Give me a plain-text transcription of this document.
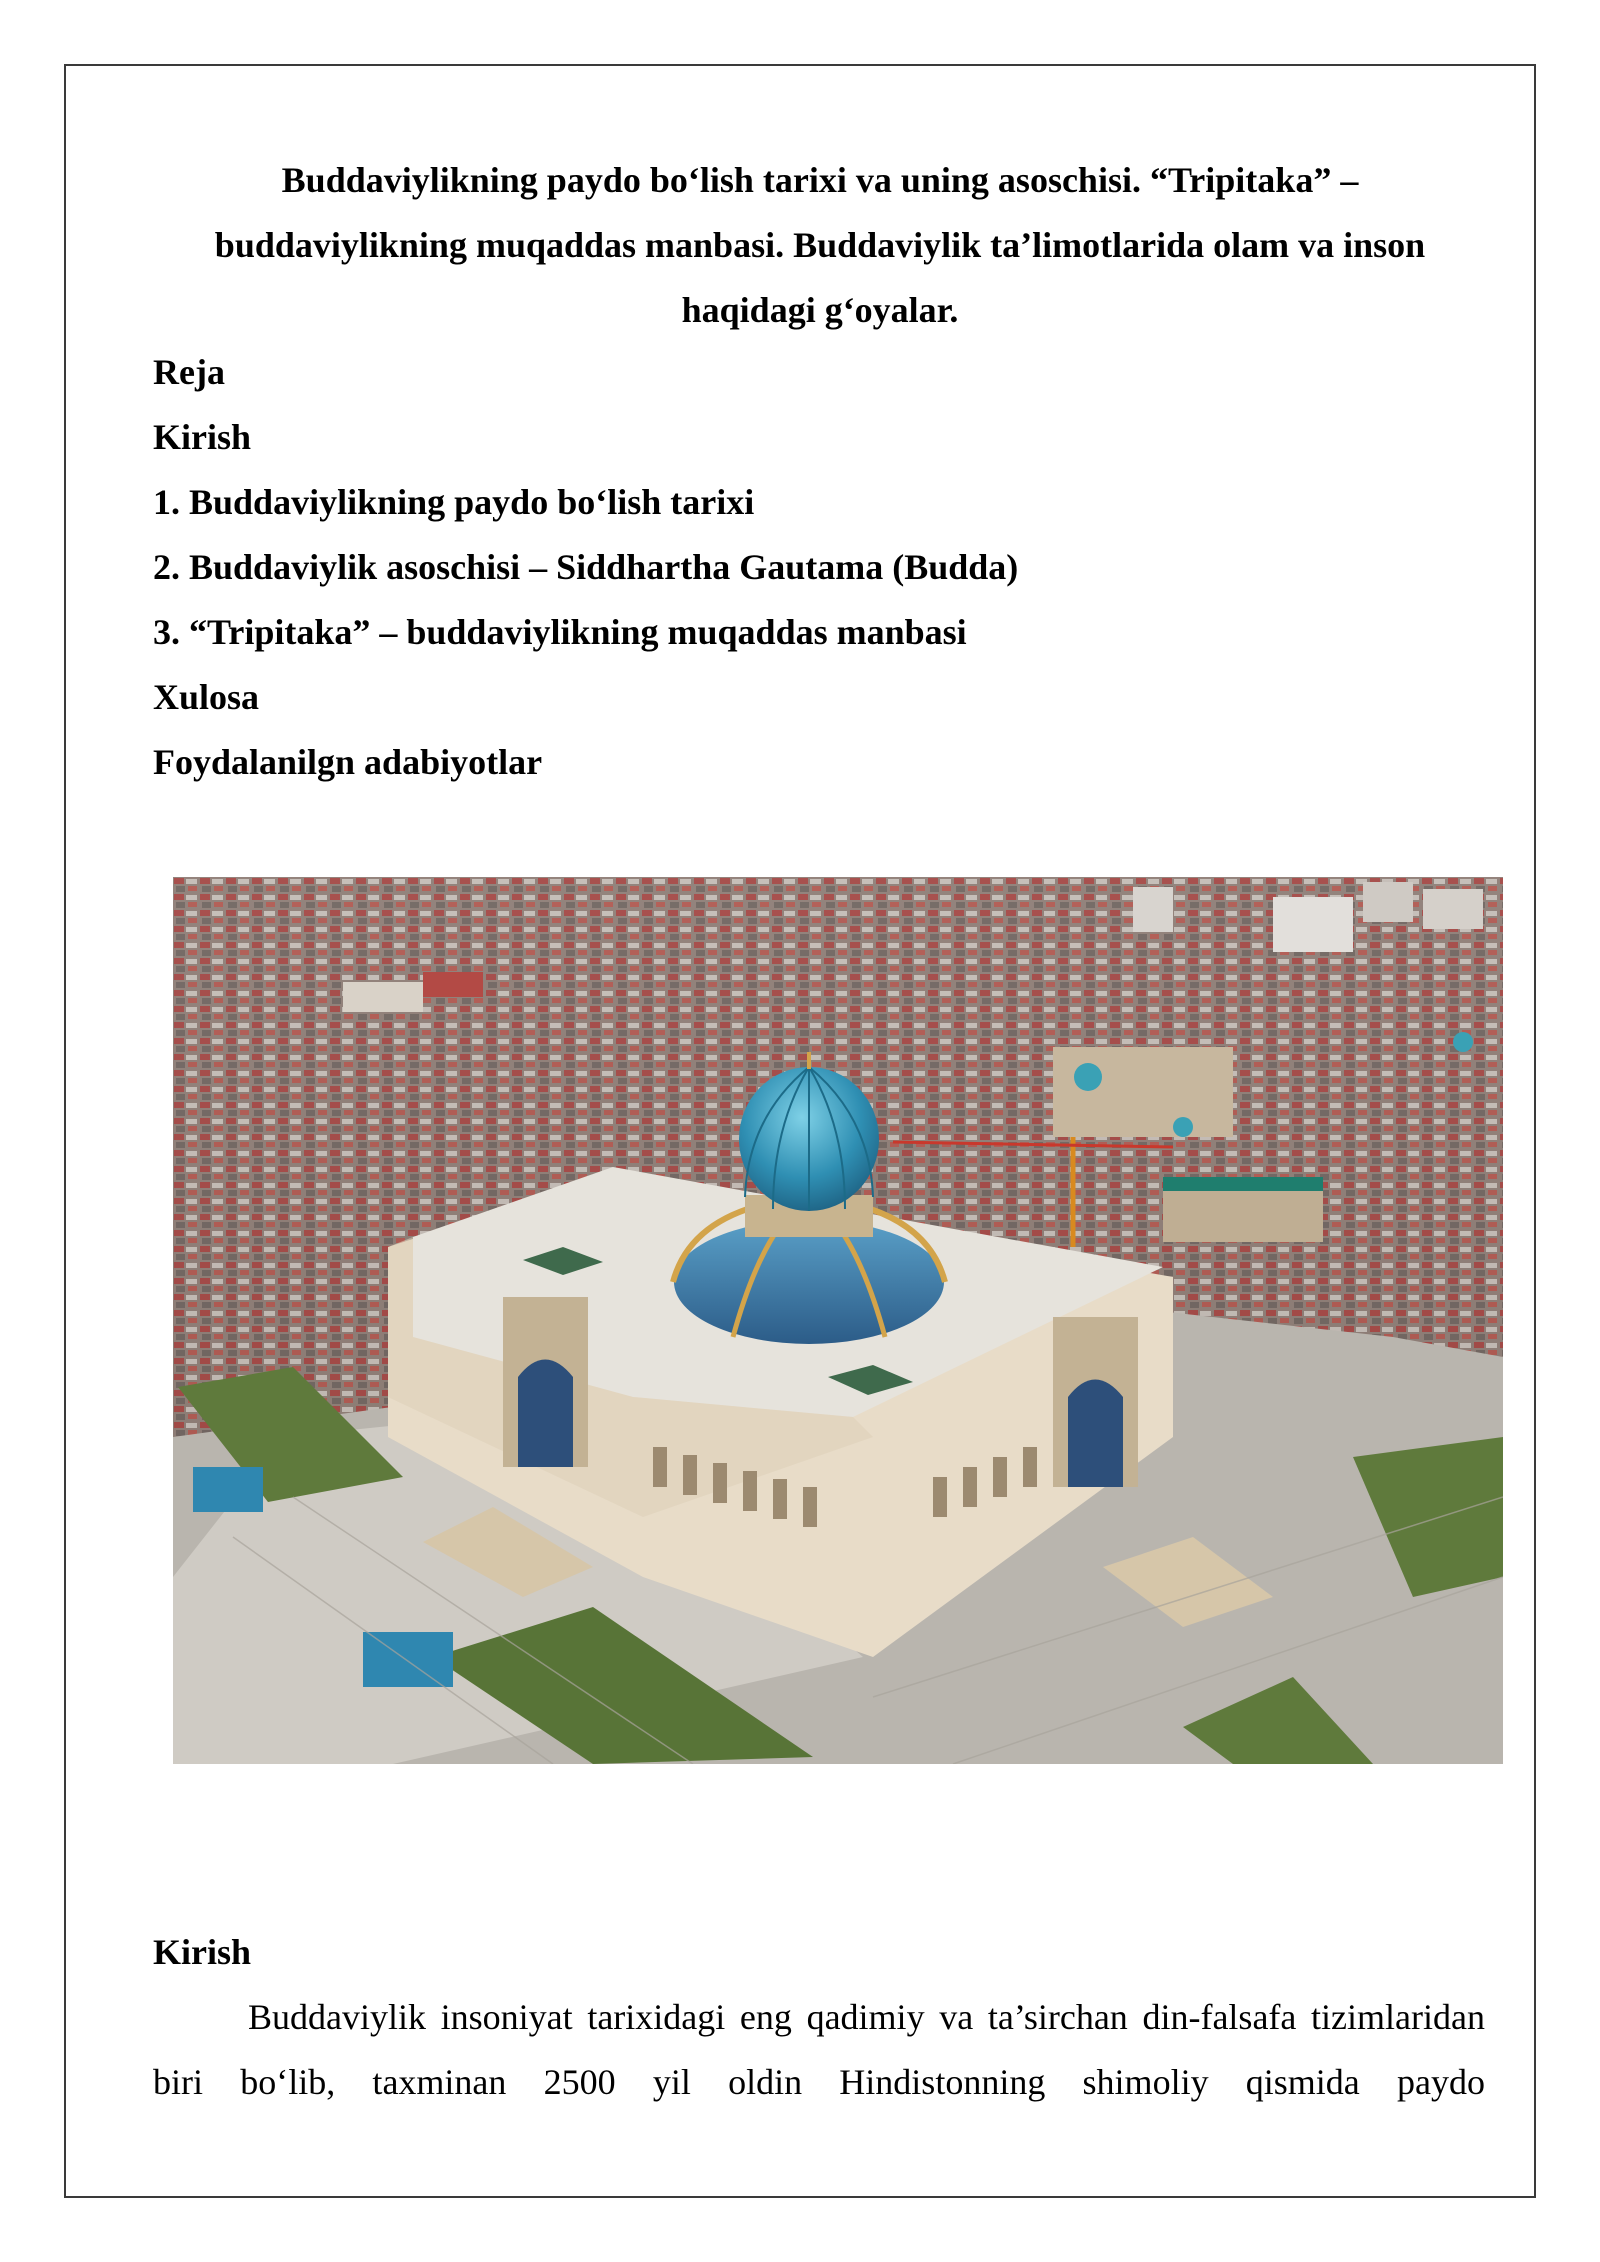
Buddaviylikning paydo bo‘lish tarixi va uning asoschisi. “Tripitaka” –
buddaviylikning muqaddas manbasi. Buddaviylik ta’limotlarida olam va inson
haqidagi g‘oyalar.
Reja
Kirish
1. Buddaviylikning paydo bo‘lish tarixi
2. Buddaviylik asoschisi – Siddhartha Gautama (Budda)
3. “Tripitaka” – buddaviylikning muqaddas manbasi
Xulosa
Foydalanilgn adabiyotlar
Kirish
Buddaviylik insoniyat tarixidagi eng qadimiy va ta’sirchan din-falsafa tizimlaridan biri bo‘lib, taxminan 2500 yil oldin Hindistonning shimoliy qismida paydo
